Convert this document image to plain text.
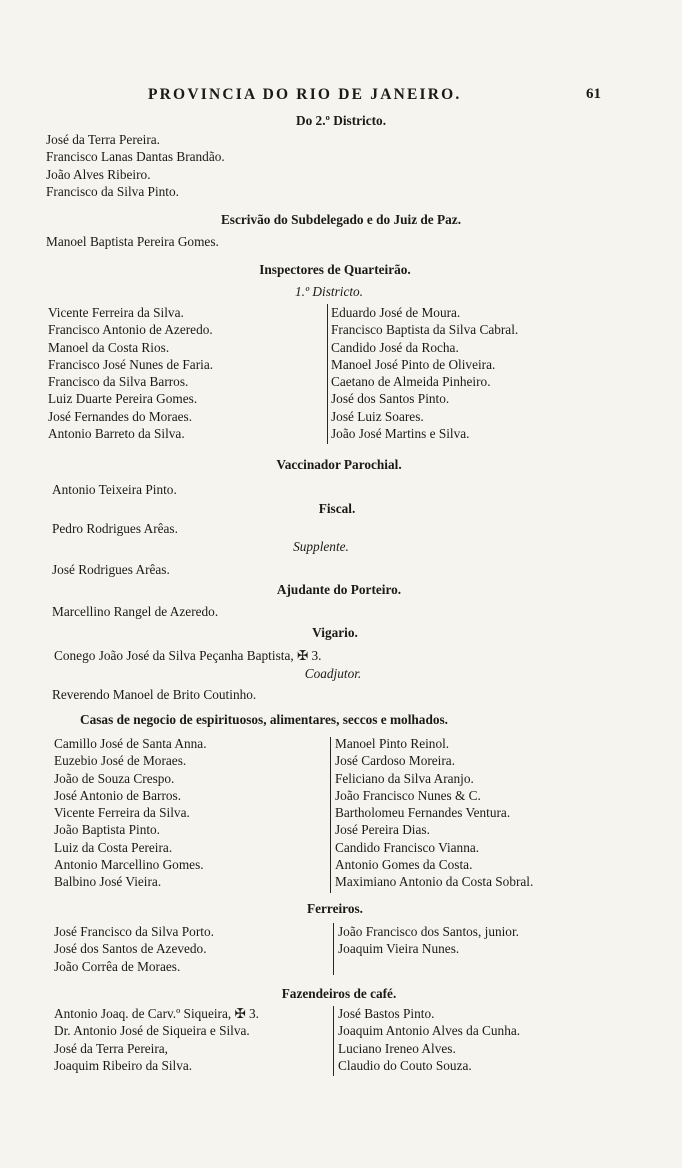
PROVINCIA DO RIO DE JANEIRO.	61
Do 2.º Districto.
José da Terra Pereira.
Francisco Lanas Dantas Brandão.
João Alves Ribeiro.
Francisco da Silva Pinto.
Escrivão do Subdelegado e do Juiz de Paz.
Manoel Baptista Pereira Gomes.
Inspectores de Quarteirão.
1.º Districto.
Vicente Ferreira da Silva.
Francisco Antonio de Azeredo.
Manoel da Costa Rios.
Francisco José Nunes de Faria.
Francisco da Silva Barros.
Luiz Duarte Pereira Gomes.
José Fernandes do Moraes.
Antonio Barreto da Silva.
Eduardo José de Moura.
Francisco Baptista da Silva Cabral.
Candido José da Rocha.
Manoel José Pinto de Oliveira.
Caetano de Almeida Pinheiro.
José dos Santos Pinto.
José Luiz Soares.
João José Martins e Silva.
Vaccinador Parochial.
Antonio Teixeira Pinto.
Fiscal.
Pedro Rodrigues Arêas.
Supplente.
José Rodrigues Arêas.
Ajudante do Porteiro.
Marcellino Rangel de Azeredo.
Vigario.
Conego João José da Silva Peçanha Baptista, ✠ 3.
Coadjutor.
Reverendo Manoel de Brito Coutinho.
Casas de negocio de espirituosos, alimentares, seccos e molhados.
Camillo José de Santa Anna.
Euzebio José de Moraes.
João de Souza Crespo.
José Antonio de Barros.
Vicente Ferreira da Silva.
João Baptista Pinto.
Luiz da Costa Pereira.
Antonio Marcellino Gomes.
Balbino José Vieira.
Manoel Pinto Reinol.
José Cardoso Moreira.
Feliciano da Silva Aranjo.
João Francisco Nunes & C.
Bartholomeu Fernandes Ventura.
José Pereira Dias.
Candido Francisco Vianna.
Antonio Gomes da Costa.
Maximiano Antonio da Costa Sobral.
Ferreiros.
José Francisco da Silva Porto.
José dos Santos de Azevedo.
João Corrêa de Moraes.
João Francisco dos Santos, junior.
Joaquim Vieira Nunes.
Fazendeiros de café.
Antonio Joaq. de Carv.º Siqueira, ✠ 3.
Dr. Antonio José de Siqueira e Silva.
José da Terra Pereira,
Joaquim Ribeiro da Silva.
José Bastos Pinto.
Joaquim Antonio Alves da Cunha.
Luciano Ireneo Alves.
Claudio do Couto Souza.
